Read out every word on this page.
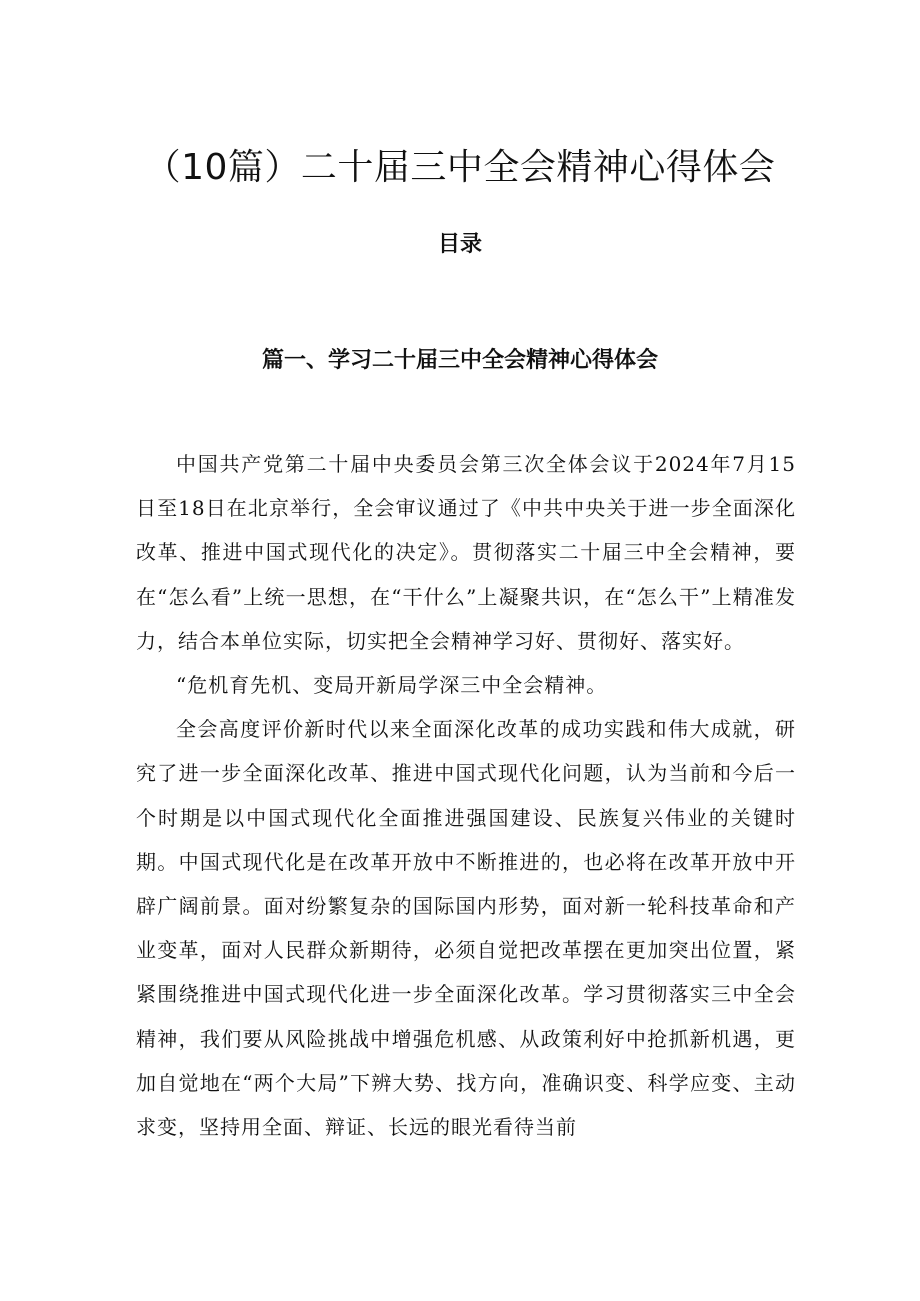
（10篇）二十届三中全会精神心得体会
目录
篇一、学习二十届三中全会精神心得体会

中国共产党第二十届中央委员会第三次全体会议于2024年7月15日至18日在北京举行，全会审议通过了《中共中央关于进一步全面深化改革、推进中国式现代化的决定》。贯彻落实二十届三中全会精神，要在“怎么看”上统一思想，在“干什么”上凝聚共识，在“怎么干”上精准发力，结合本单位实际，切实把全会精神学习好、贯彻好、落实好。

“危机育先机、变局开新局学深三中全会精神。

全会高度评价新时代以来全面深化改革的成功实践和伟大成就，研究了进一步全面深化改革、推进中国式现代化问题，认为当前和今后一个时期是以中国式现代化全面推进强国建设、民族复兴伟业的关键时期。中国式现代化是在改革开放中不断推进的，也必将在改革开放中开辟广阔前景。面对纷繁复杂的国际国内形势，面对新一轮科技革命和产业变革，面对人民群众新期待，必须自觉把改革摆在更加突出位置，紧紧围绕推进中国式现代化进一步全面深化改革。学习贯彻落实三中全会精神，我们要从风险挑战中增强危机感、从政策利好中抢抓新机遇，更加自觉地在“两个大局”下辨大势、找方向，准确识变、科学应变、主动求变，坚持用全面、辩证、长远的眼光看待当前
